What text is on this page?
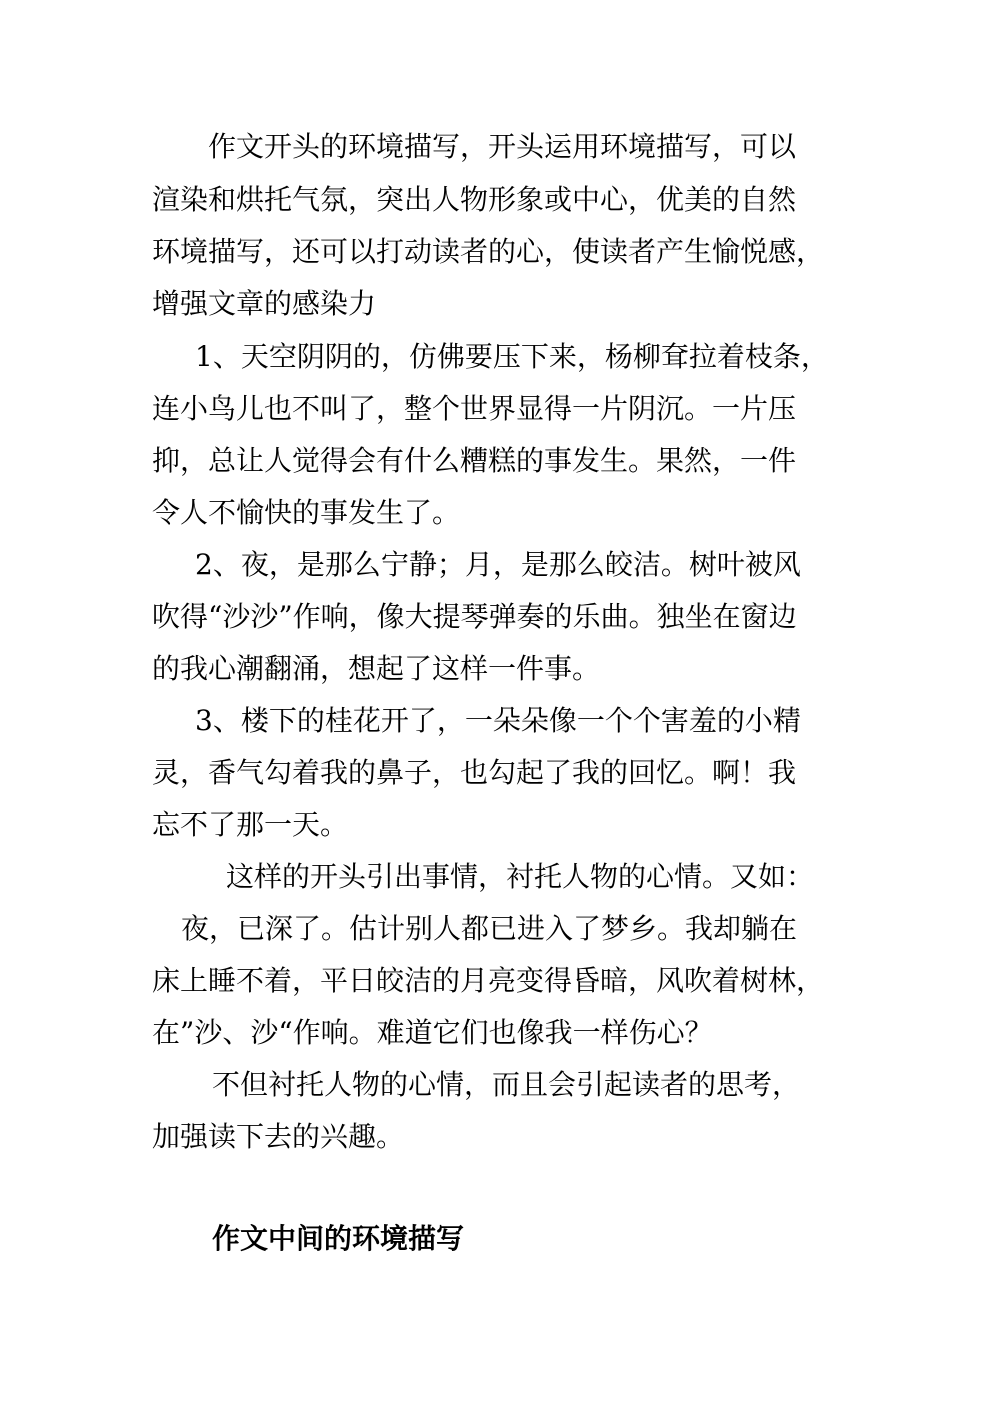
作文开头的环境描写，开头运用环境描写，可以
渲染和烘托气氛，突出人物形象或中心，优美的自然
环境描写，还可以打动读者的心，使读者产生愉悦感，
增强文章的感染力
1、天空阴阴的，仿佛要压下来，杨柳耷拉着枝条，
连小鸟儿也不叫了，整个世界显得一片阴沉。一片压
抑，总让人觉得会有什么糟糕的事发生。果然，一件
令人不愉快的事发生了。
2、夜，是那么宁静；月，是那么皎洁。树叶被风
吹得“沙沙”作响，像大提琴弹奏的乐曲。独坐在窗边
的我心潮翻涌，想起了这样一件事。
3、楼下的桂花开了，一朵朵像一个个害羞的小精
灵，香气勾着我的鼻子，也勾起了我的回忆。啊！我
忘不了那一天。
这样的开头引出事情，衬托人物的心情。又如：
夜，已深了。估计别人都已进入了梦乡。我却躺在
床上睡不着，平日皎洁的月亮变得昏暗，风吹着树林，
在”沙、沙“作响。难道它们也像我一样伤心？
不但衬托人物的心情，而且会引起读者的思考，
加强读下去的兴趣。
作文中间的环境描写
